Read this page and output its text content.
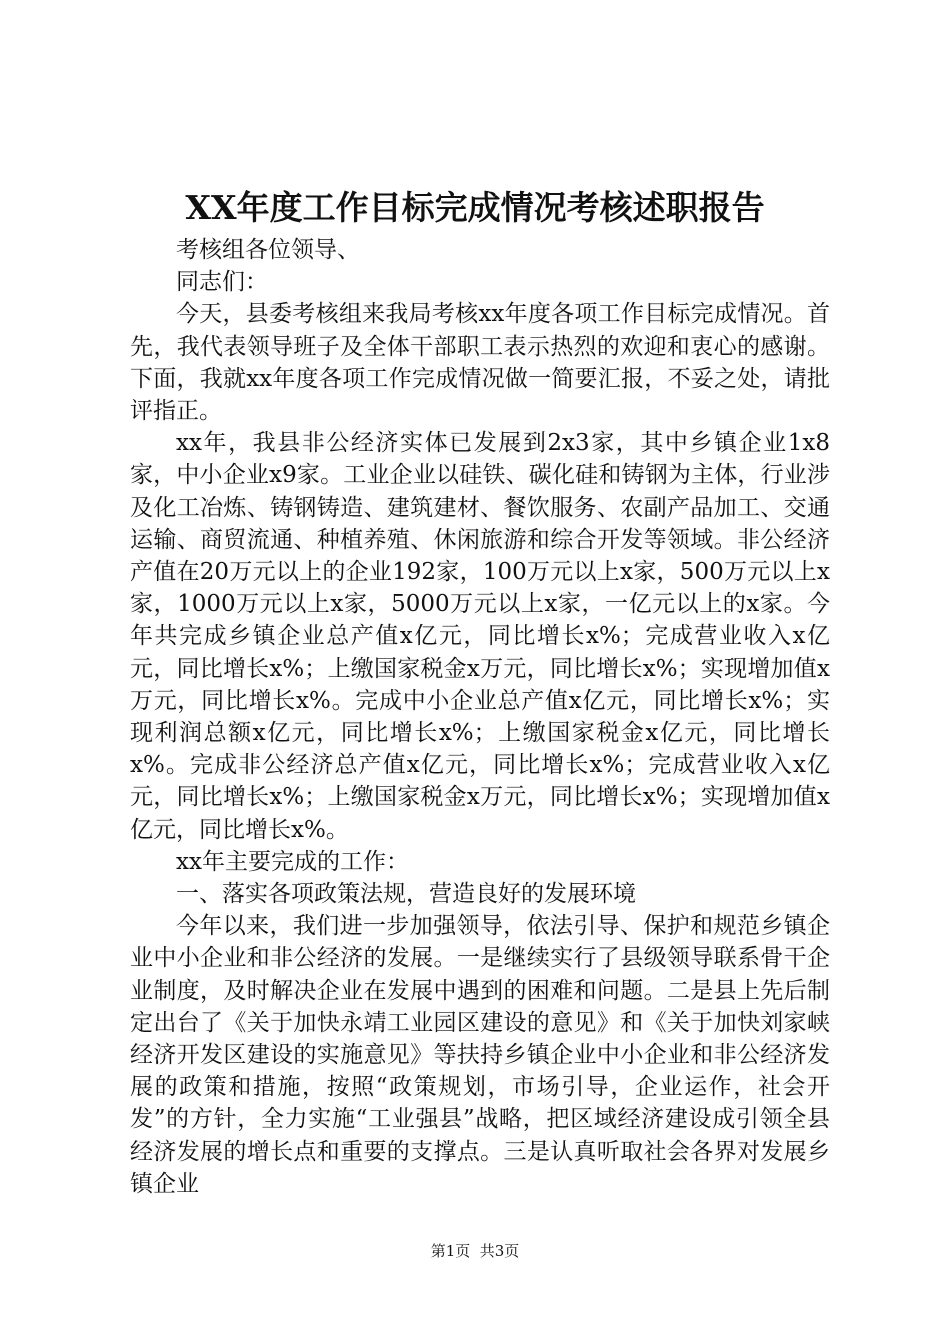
XX年度工作目标完成情况考核述职报告

考核组各位领导、

同志们：

今天，县委考核组来我局考核xx年度各项工作目标完成情况。首先，我代表领导班子及全体干部职工表示热烈的欢迎和衷心的感谢。下面，我就xx年度各项工作完成情况做一简要汇报，不妥之处，请批评指正。

xx年，我县非公经济实体已发展到2x3家，其中乡镇企业1x8家，中小企业x9家。工业企业以硅铁、碳化硅和铸钢为主体，行业涉及化工冶炼、铸钢铸造、建筑建材、餐饮服务、农副产品加工、交通运输、商贸流通、种植养殖、休闲旅游和综合开发等领域。非公经济产值在20万元以上的企业192家，100万元以上x家，500万元以上x家，1000万元以上x家，5000万元以上x家，一亿元以上的x家。今年共完成乡镇企业总产值x亿元，同比增长x%；完成营业收入x亿元，同比增长x%；上缴国家税金x万元，同比增长x%；实现增加值x万元，同比增长x%。完成中小企业总产值x亿元，同比增长x%；实现利润总额x亿元，同比增长x%；上缴国家税金x亿元，同比增长x%。完成非公经济总产值x亿元，同比增长x%；完成营业收入x亿元，同比增长x%；上缴国家税金x万元，同比增长x%；实现增加值x亿元，同比增长x%。

xx年主要完成的工作：

一、落实各项政策法规，营造良好的发展环境

今年以来，我们进一步加强领导，依法引导、保护和规范乡镇企业中小企业和非公经济的发展。一是继续实行了县级领导联系骨干企业制度，及时解决企业在发展中遇到的困难和问题。二是县上先后制定出台了《关于加快永靖工业园区建设的意见》和《关于加快刘家峡经济开发区建设的实施意见》等扶持乡镇企业中小企业和非公经济发展的政策和措施，按照“政策规划，市场引导，企业运作，社会开发”的方针，全力实施“工业强县”战略，把区域经济建设成引领全县经济发展的增长点和重要的支撑点。三是认真听取社会各界对发展乡镇企业

第1页  共3页
